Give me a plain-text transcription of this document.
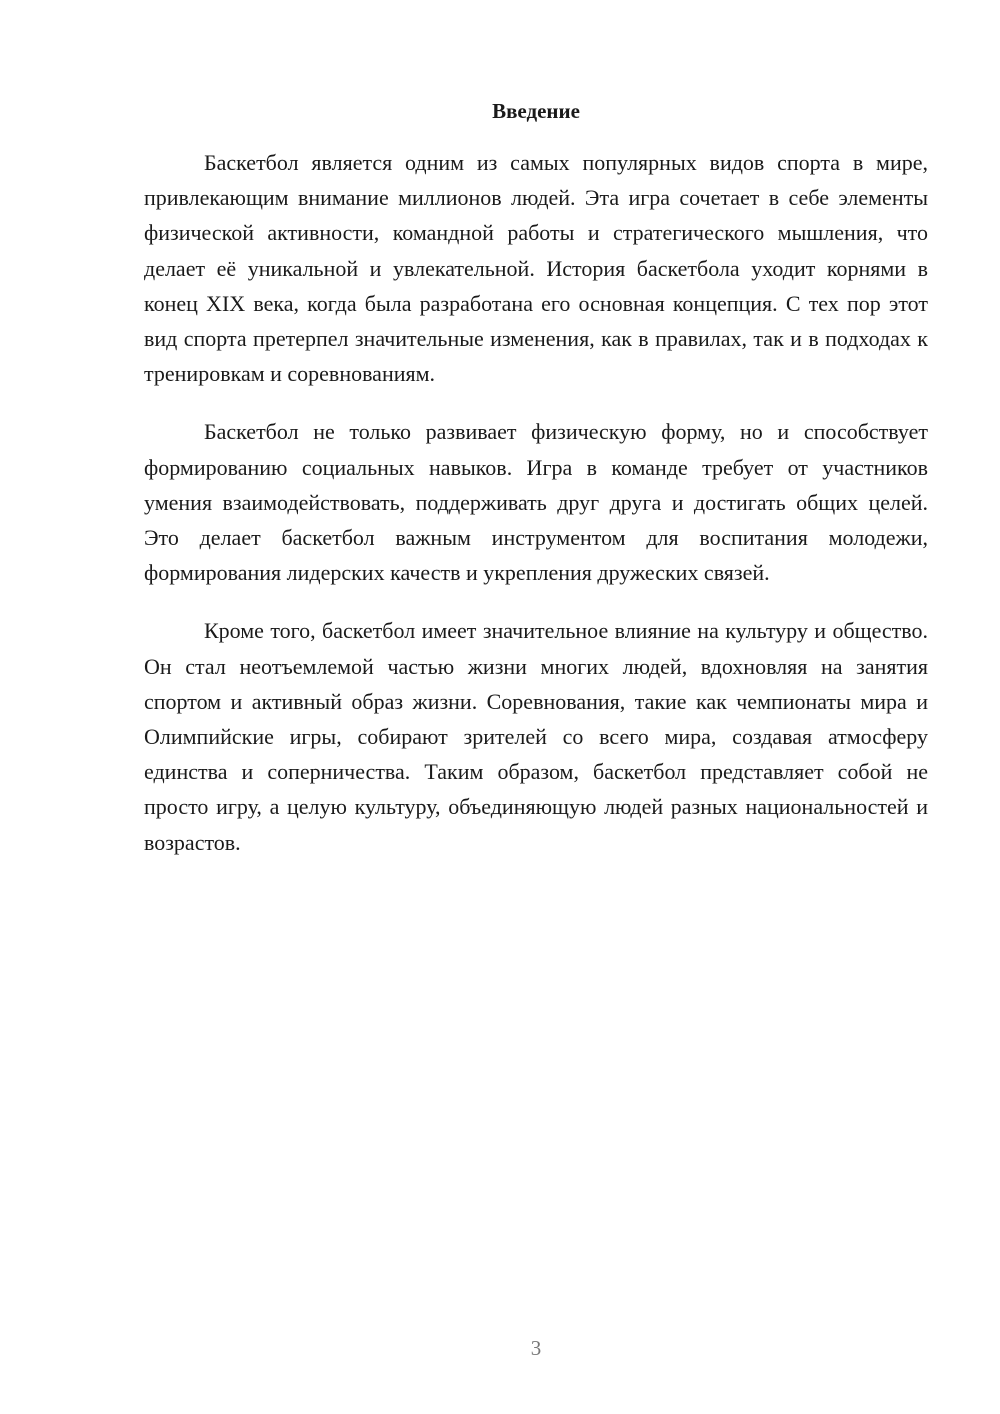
Введение

Баскетбол является одним из самых популярных видов спорта в мире, привлекающим внимание миллионов людей. Эта игра сочетает в себе элементы физической активности, командной работы и стратегического мышления, что делает её уникальной и увлекательной. История баскетбола уходит корнями в конец XIX века, когда была разработана его основная концепция. С тех пор этот вид спорта претерпел значительные изменения, как в правилах, так и в подходах к тренировкам и соревнованиям.

Баскетбол не только развивает физическую форму, но и способствует формированию социальных навыков. Игра в команде требует от участников умения взаимодействовать, поддерживать друг друга и достигать общих целей. Это делает баскетбол важным инструментом для воспитания молодежи, формирования лидерских качеств и укрепления дружеских связей.

Кроме того, баскетбол имеет значительное влияние на культуру и общество. Он стал неотъемлемой частью жизни многих людей, вдохновляя на занятия спортом и активный образ жизни. Соревнования, такие как чемпионаты мира и Олимпийские игры, собирают зрителей со всего мира, создавая атмосферу единства и соперничества. Таким образом, баскетбол представляет собой не просто игру, а целую культуру, объединяющую людей разных национальностей и возрастов.

3
